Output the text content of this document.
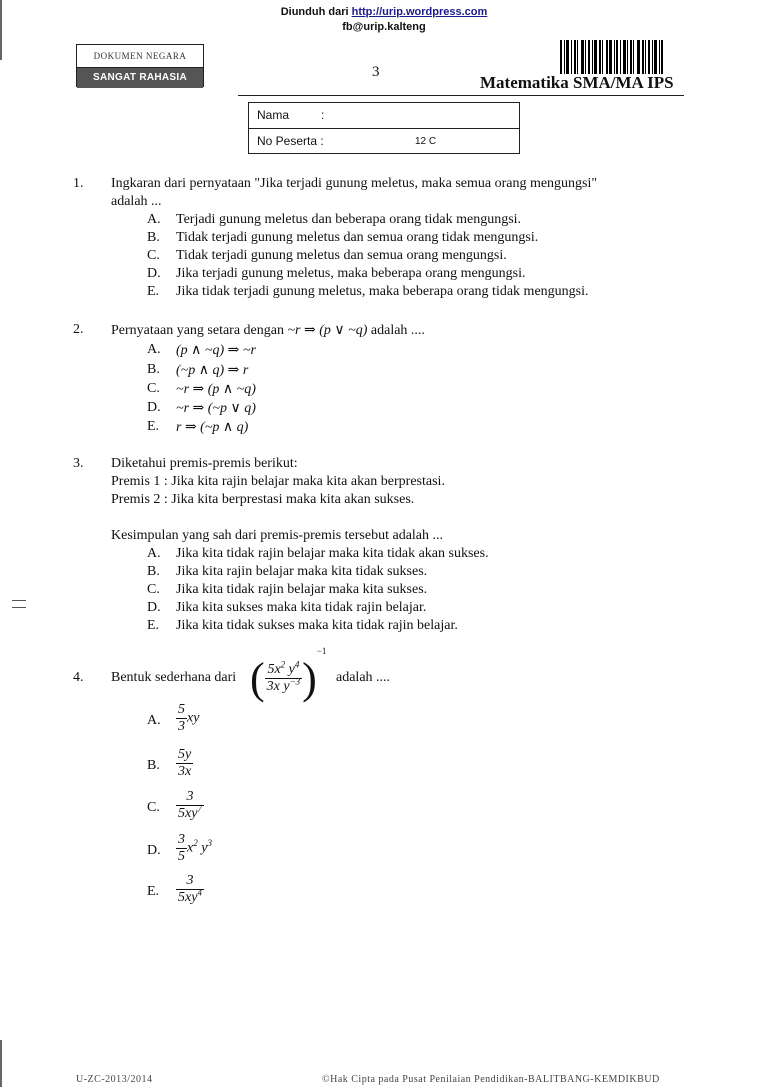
Diunduh dari http://urip.wordpress.com
fb@urip.kalteng
DOKUMEN NEGARA
SANGAT RAHASIA	3
Matematika SMA/MA IPS
Nama	:
No Peserta :	12 C
1. Ingkaran dari pernyataan "Jika terjadi gunung meletus, maka semua orang mengungsi"
adalah ...
A. Terjadi gunung meletus dan beberapa orang tidak mengungsi.
B. Tidak terjadi gunung meletus dan semua orang tidak mengungsi.
C. Tidak terjadi gunung meletus dan semua orang mengungsi.
D. Jika terjadi gunung meletus, maka beberapa orang mengungsi.
E. Jika tidak terjadi gunung meletus, maka beberapa orang tidak mengungsi.
2. Pernyataan yang setara dengan ~r ⇒ (p ∨ ~q) adalah ....
A. (p ∧ ~q) ⇒ ~r
B. (~p ∧ q) ⇒ r
C. ~r ⇒ (p ∧ ~q)
D. ~r ⇒ (~p ∨ q)
E. r ⇒ (~p ∧ q)
3. Diketahui premis-premis berikut:
Premis 1 : Jika kita rajin belajar maka kita akan berprestasi.
Premis 2 : Jika kita berprestasi maka kita akan sukses.
Kesimpulan yang sah dari premis-premis tersebut adalah ...
A. Jika kita tidak rajin belajar maka kita tidak akan sukses.
B. Jika kita rajin belajar maka kita tidak sukses.
C. Jika kita tidak rajin belajar maka kita sukses.
D. Jika kita sukses maka kita tidak rajin belajar.
E. Jika kita tidak sukses maka kita tidak rajin belajar.
4. Bentuk sederhana dari ( $\frac{5x^2 y^4}{3x y^{-3}} )^{-1}$
adalah ....
A. $\frac{5}{3}$ xy
B. $\frac{5y}{3x}$
C. $\frac{3}{5xy^7}$
D. $\frac{3}{5} x^2$ $y^3$
E. $\frac{3}{5xy^4}$
U-ZC-2013/2014	©Hak Cipta pada Pusat Penilaian Pendidikan-BALITBANG-KEMDIKBUD
